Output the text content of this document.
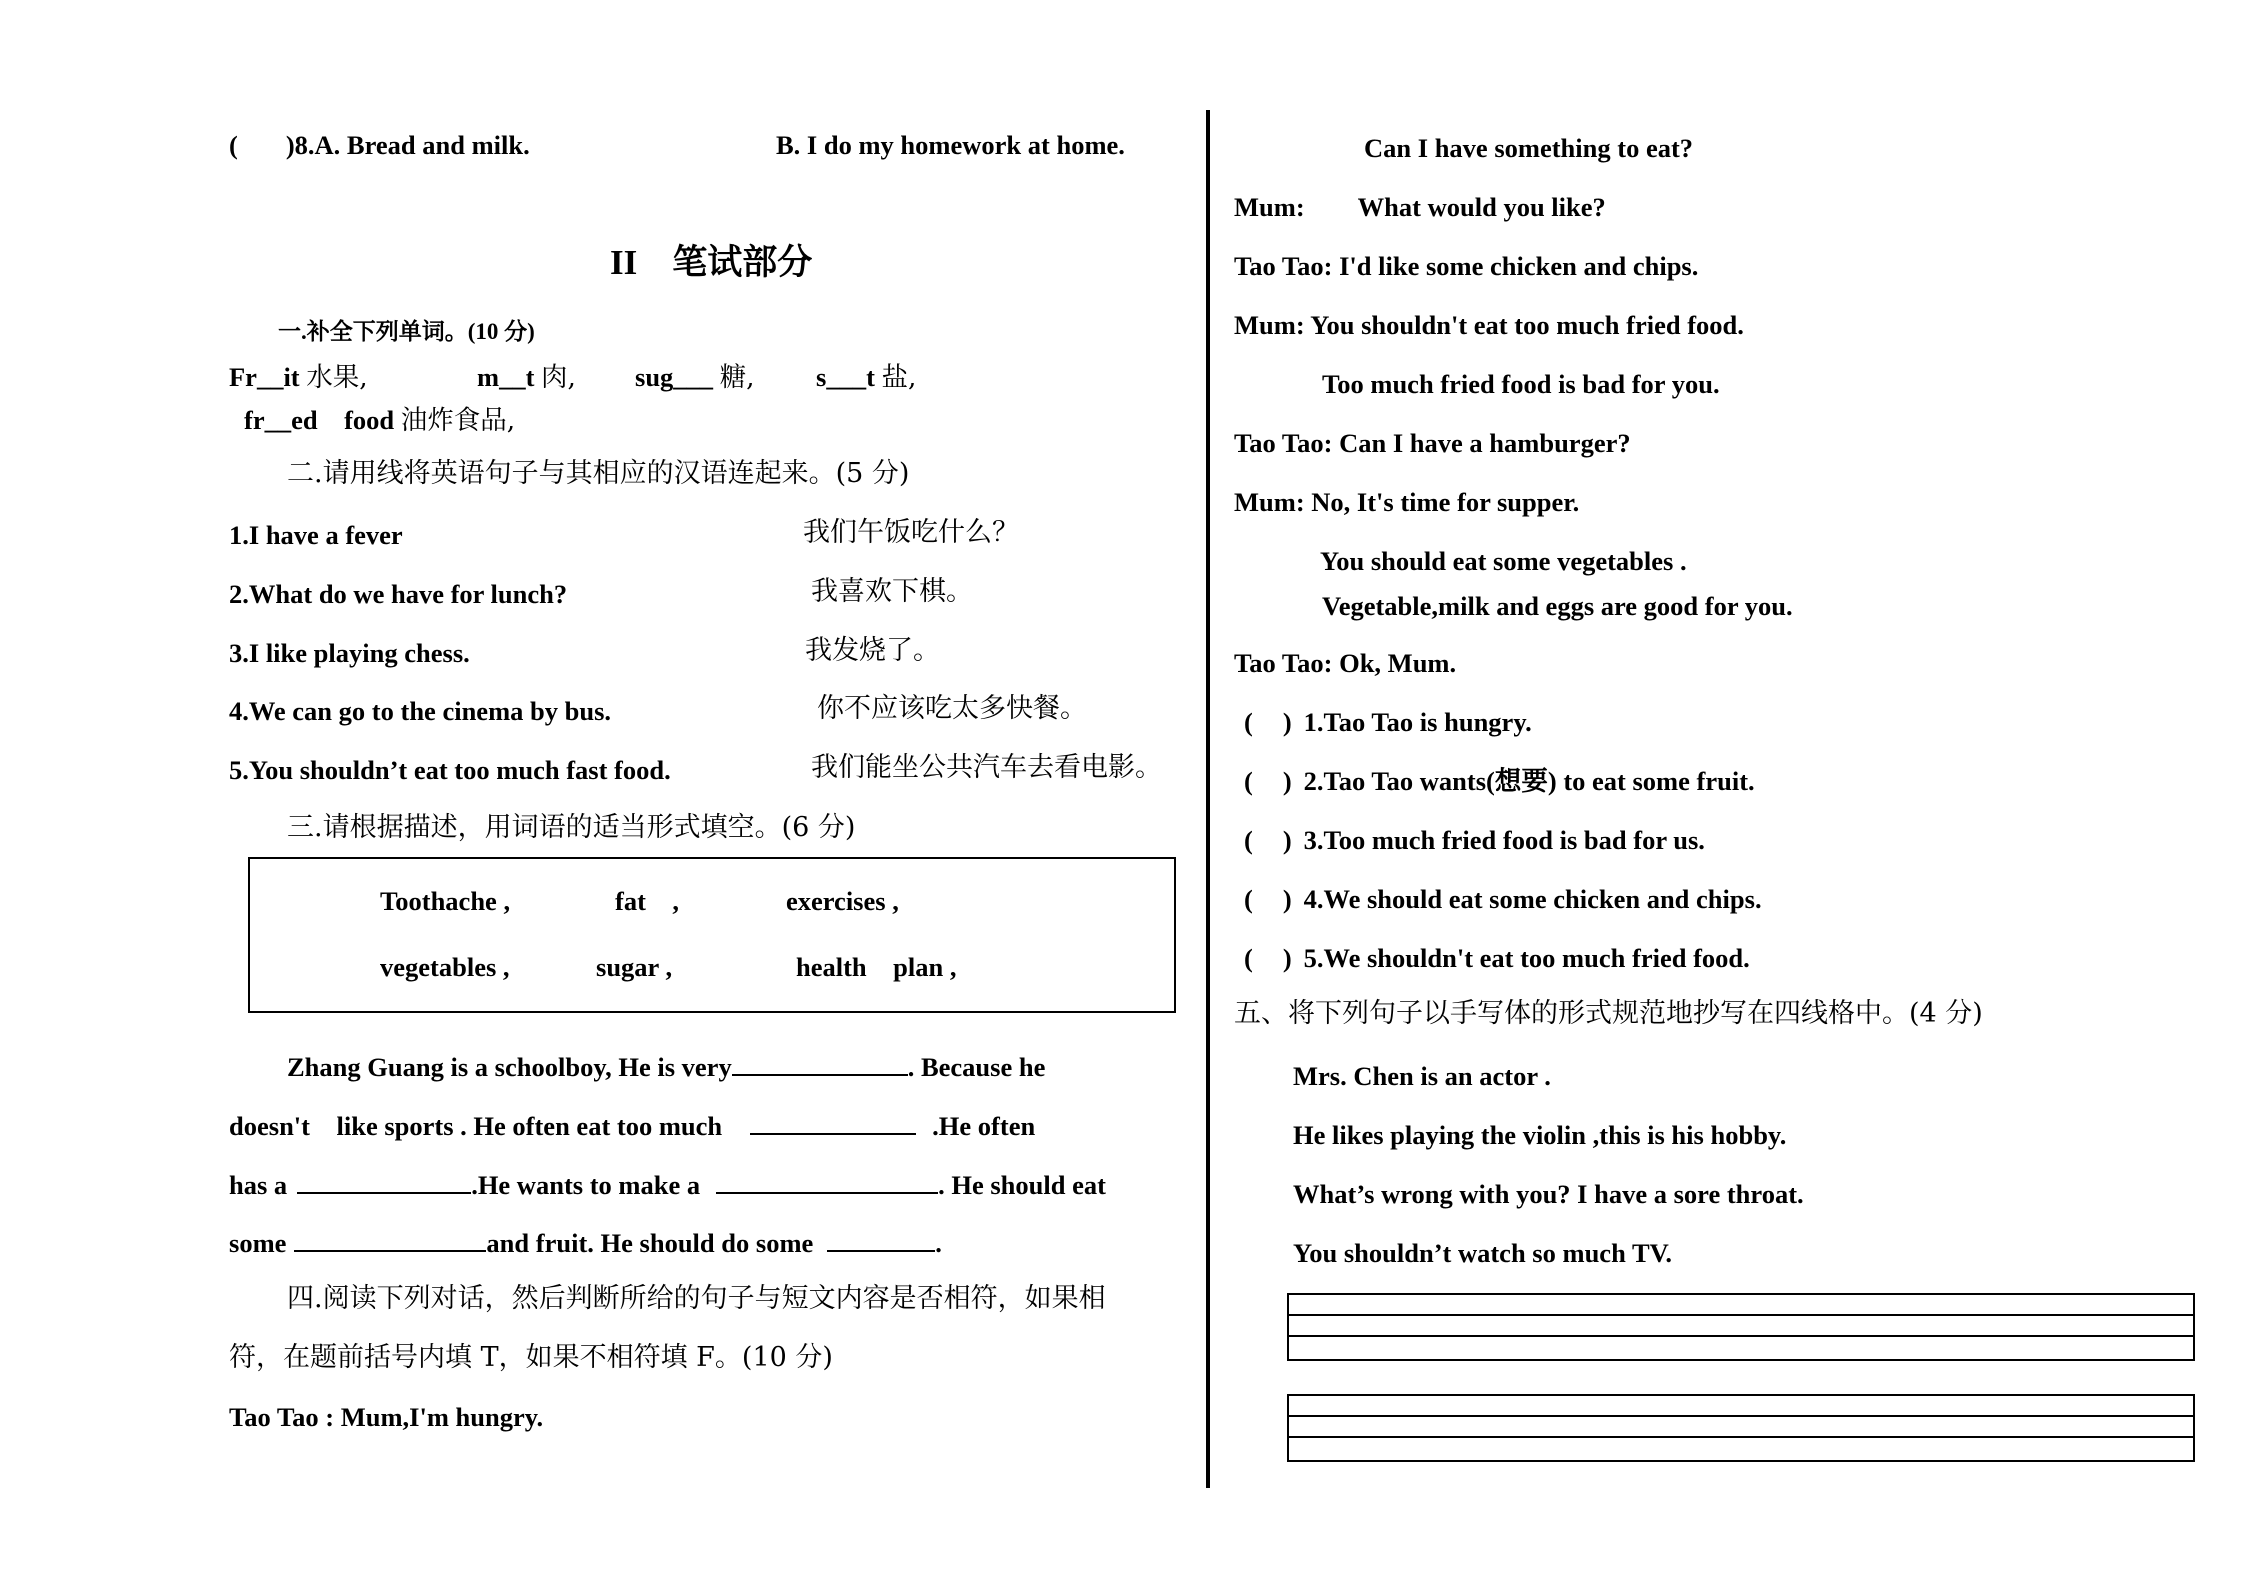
( )8.A. Bread and milk.	B. I do my homework at home.
II　笔试部分
一.补全下列单词。(10 分)
Fr__it 水果,	m__t 肉, sug___ 糖, s___t 盐,
fr__ed　food 油炸食品,
二.请用线将英语句子与其相应的汉语连起来。(5 分)
1.I have a fever	我们午饭吃什么？
2.What do we have for lunch?	我喜欢下棋。
3.I like playing chess.	我发烧了。
4.We can go to the cinema by bus.	你不应该吃太多快餐。
5.You shouldn’t eat too much fast food.	我们能坐公共汽车去看电影。
三.请根据描述，用词语的适当形式填空。(6 分)
Toothache ,	fat　,	exercises ,
vegetables ,	sugar ,	health　plan ,
Zhang Guang is a schoolboy, He is very	. Because he
doesn't　like sports . He often eat too much	.He often
has a	.He wants to make a	. He should eat
some	and fruit. He should do some	.
四.阅读下列对话，然后判断所给的句子与短文内容是否相符，如果相
符，在题前括号内填 T，如果不相符填 F。(10 分)
Tao Tao : Mum,I'm hungry.
Can I have something to eat?
Mum:　　What would you like?
Tao Tao: I'd like some chicken and chips.
Mum: You shouldn't eat too much fried food.
Too much fried food is bad for you.
Tao Tao: Can I have a hamburger?
Mum: No, It's time for supper.
You should eat some vegetables .
Vegetable,milk and eggs are good for you.
Tao Tao: Ok, Mum.
( ) 1.Tao Tao is hungry.
( ) 2.Tao Tao wants(想要) to eat some fruit.
( ) 3.Too much fried food is bad for us.
( ) 4.We should eat some chicken and chips.
( ) 5.We shouldn't eat too much fried food.
五、将下列句子以手写体的形式规范地抄写在四线格中。(4 分)
Mrs. Chen is an actor .
He likes playing the violin ,this is his hobby.
What’s wrong with you? I have a sore throat.
You shouldn’t watch so much TV.
